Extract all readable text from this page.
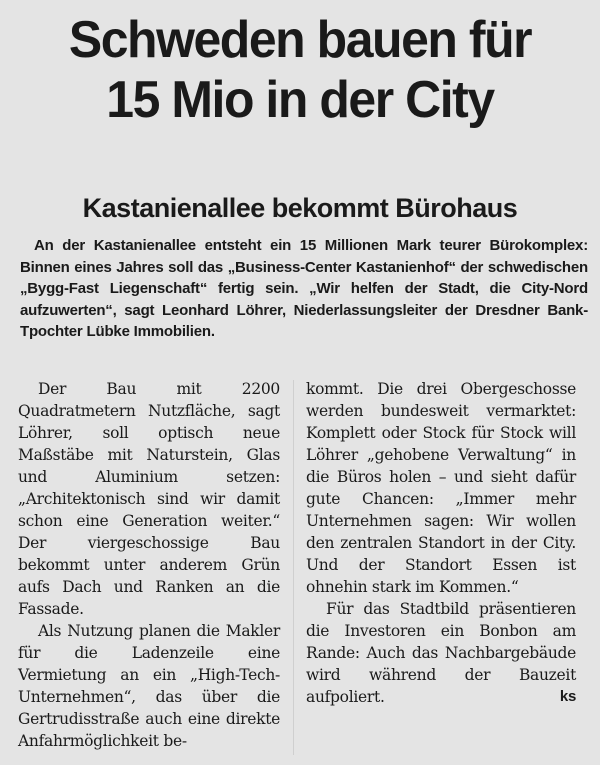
Schweden bauen für
15 Mio in der City
Kastanienallee bekommt Bürohaus
An der Kastanienallee entsteht ein 15 Millionen Mark teurer Bürokomplex: Binnen eines Jahres soll das „Business-Center Kastanienhof“ der schwedischen „Bygg-Fast Liegenschaft“ fertig sein. „Wir helfen der Stadt, die City-Nord aufzuwerten“, sagt Leonhard Löhrer, Niederlassungsleiter der Dresdner Bank-Tpochter Lübke Immobilien.

Der Bau mit 2200 Quadratmetern Nutzfläche, sagt Löhrer, soll optisch neue Maßstäbe mit Naturstein, Glas und Aluminium setzen: „Architektonisch sind wir damit schon eine Generation weiter.“ Der viergeschossige Bau bekommt unter anderem Grün aufs Dach und Ranken an die Fassade.

Als Nutzung planen die Makler für die Ladenzeile eine Vermietung an ein „High-Tech-Unternehmen“, das über die Gertrudisstraße auch eine direkte Anfahrmöglichkeit be-

kommt. Die drei Obergeschosse werden bundesweit vermarktet: Komplett oder Stock für Stock will Löhrer „gehobene Verwaltung“ in die Büros holen – und sieht dafür gute Chancen: „Immer mehr Unternehmen sagen: Wir wollen den zentralen Standort in der City. Und der Standort Essen ist ohnehin stark im Kommen.“

Für das Stadtbild präsentieren die Investoren ein Bonbon am Rande: Auch das Nachbargebäude wird während der Bauzeit aufpoliert.	ks
